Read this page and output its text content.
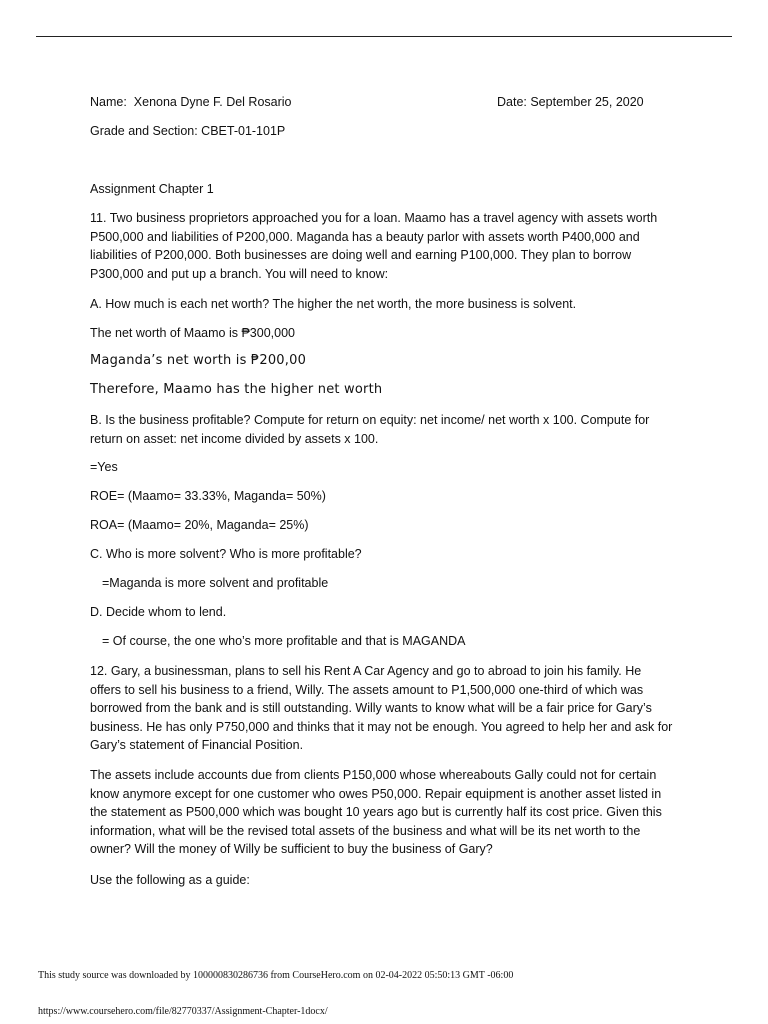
Name: Xenona Dyne F. Del Rosario
Grade and Section: CBET-01-101P
Assignment Chapter 1
11. Two business proprietors approached you for a loan. Maamo has a travel agency with assets worth P500,000 and liabilities of P200,000. Maganda has a beauty parlor with assets worth P400,000 and liabilities of P200,000. Both businesses are doing well and earning P100,000. They plan to borrow P300,000 and put up a branch. You will need to know:
A. How much is each net worth? The higher the net worth, the more business is solvent.
The net worth of Maamo is ₱300,000
Maganda’s net worth is ₱200,00
Therefore, Maamo has the higher net worth
B. Is the business profitable? Compute for return on equity: net income/ net worth x 100. Compute for return on asset: net income divided by assets x 100.
=Yes
ROE= (Maamo= 33.33%, Maganda= 50%)
ROA= (Maamo= 20%, Maganda= 25%)
C. Who is more solvent? Who is more profitable?
=Maganda is more solvent and profitable
D. Decide whom to lend.
= Of course, the one who’s more profitable and that is MAGANDA
12. Gary, a businessman, plans to sell his Rent A Car Agency and go to abroad to join his family. He offers to sell his business to a friend, Willy. The assets amount to P1,500,000 one-third of which was borrowed from the bank and is still outstanding. Willy wants to know what will be a fair price for Gary’s business. He has only P750,000 and thinks that it may not be enough. You agreed to help her and ask for Gary’s statement of Financial Position.
The assets include accounts due from clients P150,000 whose whereabouts Gally could not for certain know anymore except for one customer who owes P50,000. Repair equipment is another asset listed in the statement as P500,000 which was bought 10 years ago but is currently half its cost price. Given this information, what will be the revised total assets of the business and what will be its net worth to the owner? Will the money of Willy be sufficient to buy the business of Gary?
Use the following as a guide:
Date: September 25, 2020
This study source was downloaded by 100000830286736 from CourseHero.com on 02-04-2022 05:50:13 GMT -06:00
https://www.coursehero.com/file/82770337/Assignment-Chapter-1docx/
